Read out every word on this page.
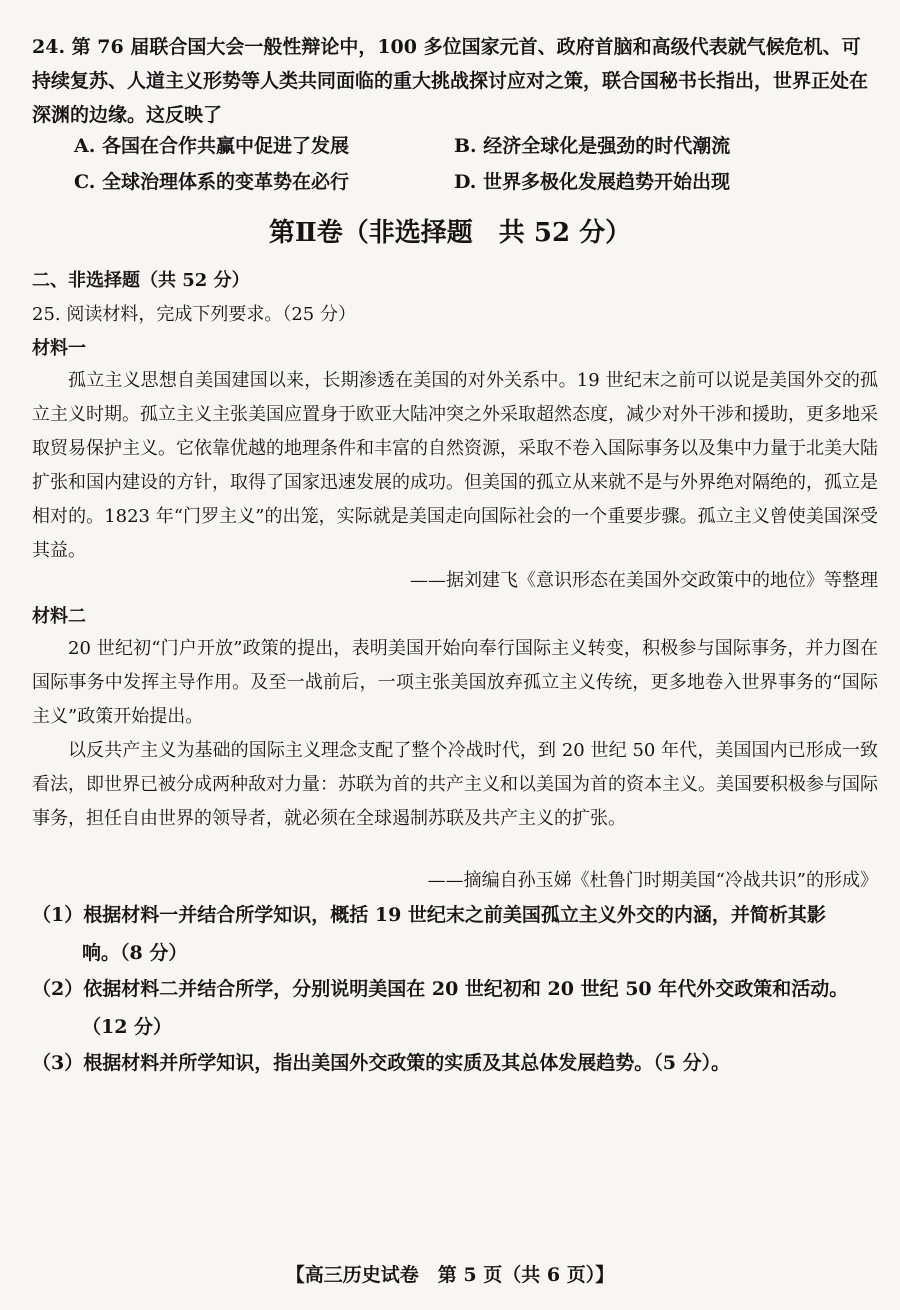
24. 第 76 届联合国大会一般性辩论中，100 多位国家元首、政府首脑和高级代表就气候危机、可持续复苏、人道主义形势等人类共同面临的重大挑战探讨应对之策，联合国秘书长指出，世界正处在深渊的边缘。这反映了
A. 各国在合作共赢中促进了发展	B. 经济全球化是强劲的时代潮流
C. 全球治理体系的变革势在必行	D. 世界多极化发展趋势开始出现
第Ⅱ卷（非选择题　共 52 分）
二、非选择题（共 52 分）
25. 阅读材料，完成下列要求。（25 分）
材料一
孤立主义思想自美国建国以来，长期渗透在美国的对外关系中。19 世纪末之前可以说是美国外交的孤立主义时期。孤立主义主张美国应置身于欧亚大陆冲突之外采取超然态度，减少对外干涉和援助，更多地采取贸易保护主义。它依靠优越的地理条件和丰富的自然资源，采取不卷入国际事务以及集中力量于北美大陆扩张和国内建设的方针，取得了国家迅速发展的成功。但美国的孤立从来就不是与外界绝对隔绝的，孤立是相对的。1823 年“门罗主义”的出笼，实际就是美国走向国际社会的一个重要步骤。孤立主义曾使美国深受其益。
——据刘建飞《意识形态在美国外交政策中的地位》等整理
材料二
20 世纪初“门户开放”政策的提出，表明美国开始向奉行国际主义转变，积极参与国际事务，并力图在国际事务中发挥主导作用。及至一战前后，一项主张美国放弃孤立主义传统，更多地卷入世界事务的“国际主义”政策开始提出。
以反共产主义为基础的国际主义理念支配了整个冷战时代，到 20 世纪 50 年代，美国国内已形成一致看法，即世界已被分成两种敌对力量：苏联为首的共产主义和以美国为首的资本主义。美国要积极参与国际事务，担任自由世界的领导者，就必须在全球遏制苏联及共产主义的扩张。
——摘编自孙玉娣《杜鲁门时期美国“冷战共识”的形成》
（1）根据材料一并结合所学知识，概括 19 世纪末之前美国孤立主义外交的内涵，并简析其影
响。（8 分）
（2）依据材料二并结合所学，分别说明美国在 20 世纪初和 20 世纪 50 年代外交政策和活动。
（12 分）
（3）根据材料并所学知识，指出美国外交政策的实质及其总体发展趋势。（5 分）。
【高三历史试卷　第 5 页（共 6 页）】
